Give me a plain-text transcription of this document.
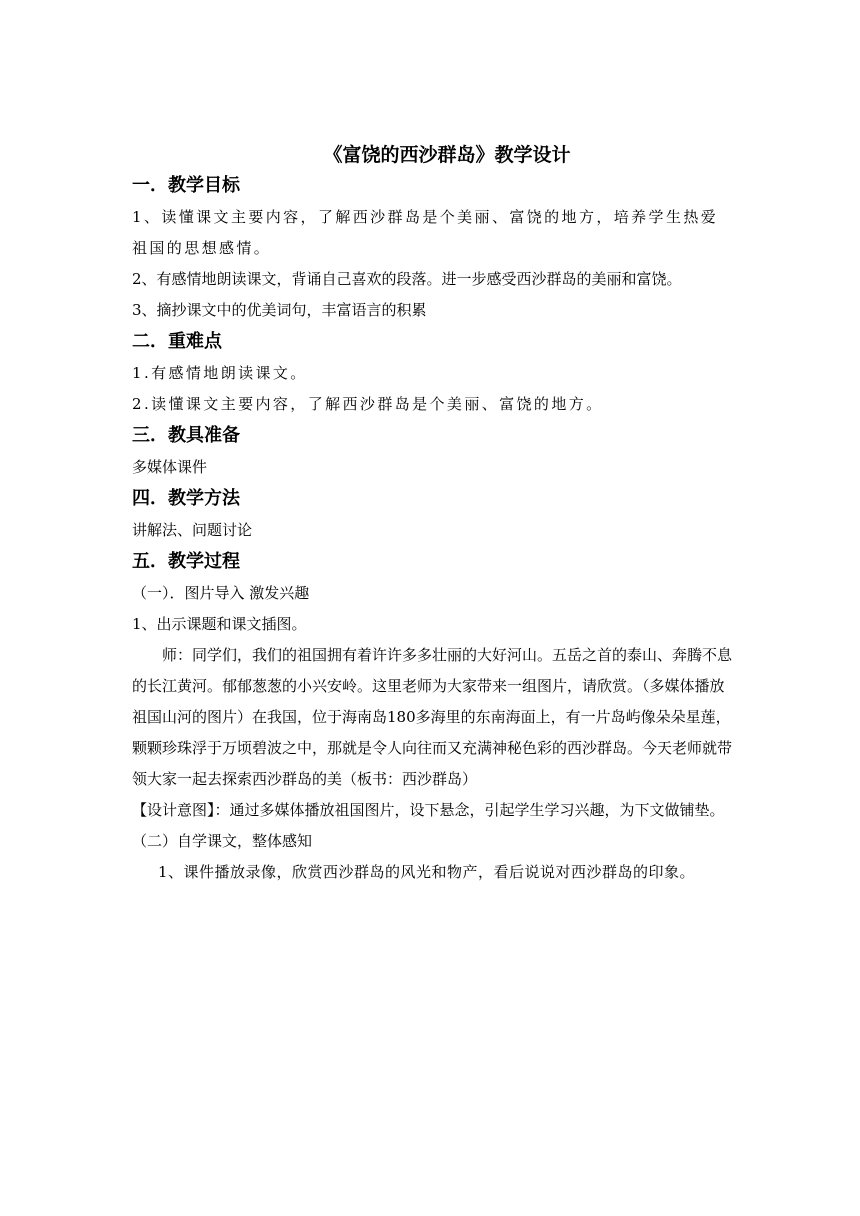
《富饶的西沙群岛》教学设计
一．教学目标

1、读懂课文主要内容，了解西沙群岛是个美丽、富饶的地方，培养学生热爱祖国的思想感情。

2、有感情地朗读课文，背诵自己喜欢的段落。进一步感受西沙群岛的美丽和富饶。

3、摘抄课文中的优美词句，丰富语言的积累

二．重难点

1.有感情地朗读课文。

2.读懂课文主要内容，了解西沙群岛是个美丽、富饶的地方。

三．教具准备

多媒体课件

四．教学方法

讲解法、问题讨论

五．教学过程

（一）．图片导入 激发兴趣

1、出示课题和课文插图。

师：同学们，我们的祖国拥有着许许多多壮丽的大好河山。五岳之首的泰山、奔腾不息的长江黄河。郁郁葱葱的小兴安岭。这里老师为大家带来一组图片，请欣赏。（多媒体播放祖国山河的图片）在我国，位于海南岛180多海里的东南海面上，有一片岛屿像朵朵星莲，颗颗珍珠浮于万顷碧波之中，那就是令人向往而又充满神秘色彩的西沙群岛。今天老师就带领大家一起去探索西沙群岛的美（板书：西沙群岛）

【设计意图】：通过多媒体播放祖国图片，设下悬念，引起学生学习兴趣，为下文做铺垫。

（二）自学课文，整体感知

1、课件播放录像，欣赏西沙群岛的风光和物产，看后说说对西沙群岛的印象。
